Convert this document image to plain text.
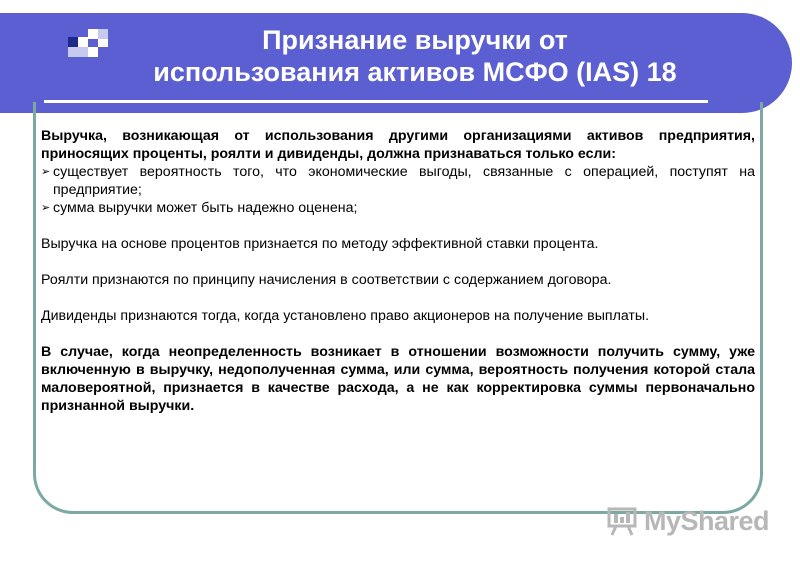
Признание выручки от
использования активов МСФО (IAS) 18

Выручка, возникающая от использования другими организациями активов предприятия, приносящих проценты, роялти и дивиденды, должна признаваться только если:

➢ существует вероятность того, что экономические выгоды, связанные с операцией, поступят на предприятие;

➢ сумма выручки может быть надежно оценена;

Выручка на основе процентов признается по методу эффективной ставки процента.

Роялти признаются по принципу начисления в соответствии с содержанием договора.

Дивиденды признаются тогда, когда установлено право акционеров на получение выплаты.

В случае, когда неопределенность возникает в отношении возможности получить сумму, уже включенную в выручку, недополученная сумма, или сумма, вероятность получения которой стала маловероятной, признается в качестве расхода, а не как корректировка суммы первоначально признанной выручки.

MyShared
